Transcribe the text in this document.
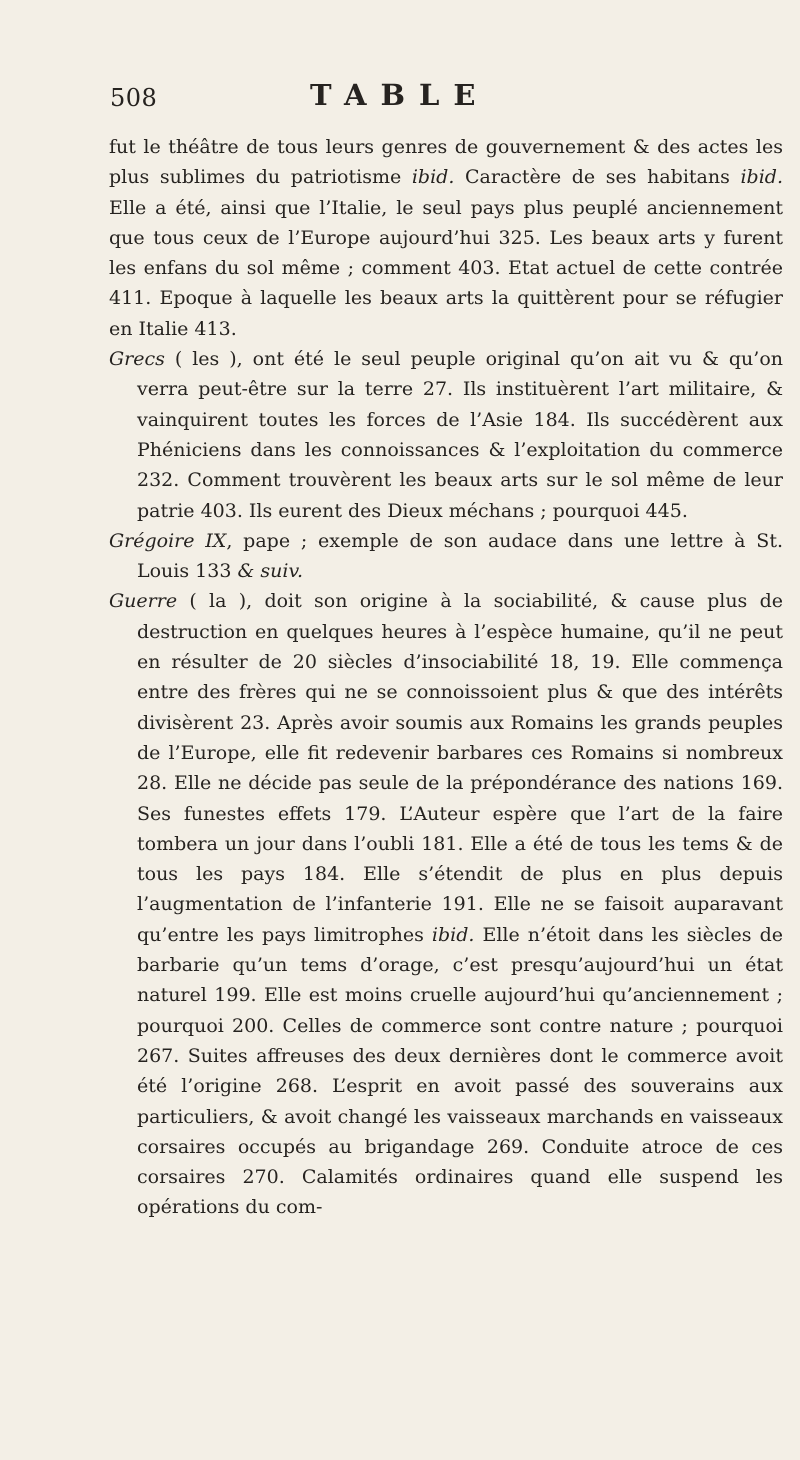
508	TABLE

fut le théâtre de tous leurs genres de gouvernement & des actes les plus sublimes du patriotisme ibid. Caractère de ses habitans ibid. Elle a été, ainsi que l’Italie, le seul pays plus peuplé anciennement que tous ceux de l’Europe aujourd’hui 325. Les beaux arts y furent les enfans du sol même ; comment 403. Etat actuel de cette contrée 411. Epoque à laquelle les beaux arts la quittèrent pour se réfugier en Italie 413.

Grecs ( les ), ont été le seul peuple original qu’on ait vu & qu’on verra peut-être sur la terre 27. Ils instituèrent l’art militaire, & vainquirent toutes les forces de l’Asie 184. Ils succédèrent aux Phéniciens dans les connoissances & l’exploitation du commerce 232. Comment trouvèrent les beaux arts sur le sol même de leur patrie 403. Ils eurent des Dieux méchans ; pourquoi 445.

Grégoire IX, pape ; exemple de son audace dans une lettre à St. Louis 133 & suiv.

Guerre ( la ), doit son origine à la sociabilité, & cause plus de destruction en quelques heures à l’espèce humaine, qu’il ne peut en résulter de 20 siècles d’insociabilité 18, 19. Elle commença entre des frères qui ne se connoissoient plus & que des intérêts divisèrent 23. Après avoir soumis aux Romains les grands peuples de l’Europe, elle fit redevenir barbares ces Romains si nombreux 28. Elle ne décide pas seule de la prépondérance des nations 169. Ses funestes effets 179. L’Auteur espère que l’art de la faire tombera un jour dans l’oubli 181. Elle a été de tous les tems & de tous les pays 184. Elle s’étendit de plus en plus depuis l’augmentation de l’infanterie 191. Elle ne se faisoit auparavant qu’entre les pays limitrophes ibid. Elle n’étoit dans les siècles de barbarie qu’un tems d’orage, c’est presqu’aujourd’hui un état naturel 199. Elle est moins cruelle aujourd’hui qu’anciennement ; pourquoi 200. Celles de commerce sont contre nature ; pourquoi 267. Suites affreuses des deux dernières dont le commerce avoit été l’origine 268. L’esprit en avoit passé des souverains aux particuliers, & avoit changé les vaisseaux marchands en vaisseaux corsaires occupés au brigandage 269. Conduite atroce de ces corsaires 270. Calamités ordinaires quand elle suspend les opérations du com-
